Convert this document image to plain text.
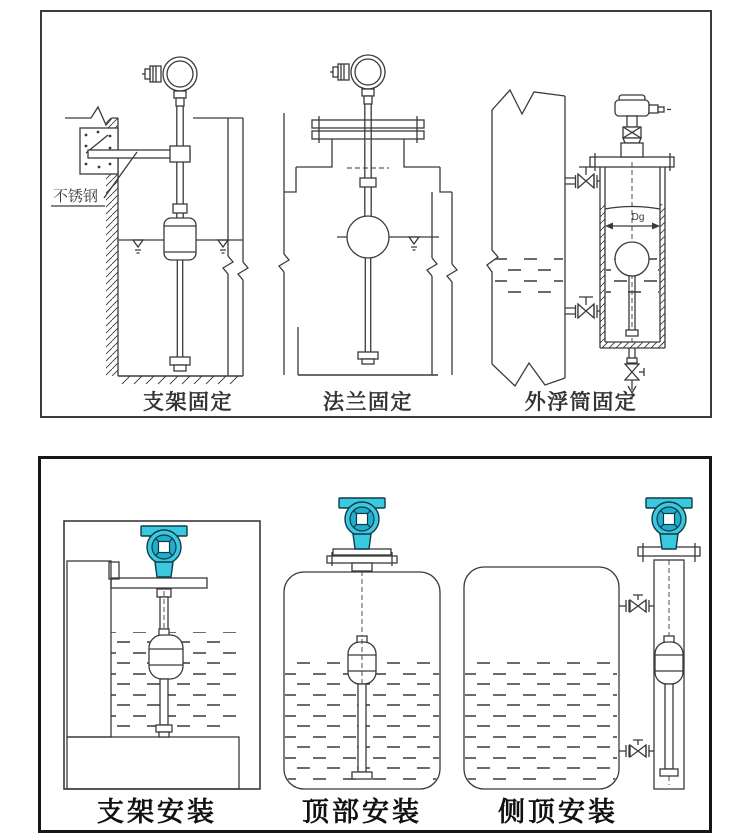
不锈钢
支架固定	法兰固定
Dg
外浮筒固定
支架安装	顶部安装	侧顶安装
